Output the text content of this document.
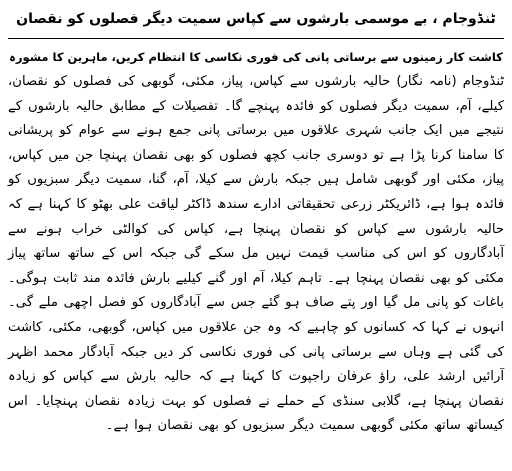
ٹنڈوجام ، بے موسمی بارشوں سے کپاس سمیت دیگر فصلوں کو نقصان
کاشت کار زمینوں سے برساتی پانی کی فوری نکاسی کا انتظام کریں، ماہرین کا مشورہ

ٹنڈوجام (نامہ نگار) حالیہ بارشوں سے کپاس، پیاز، مکئی، گوبھی کی فصلوں کو نقصان، کیلے، آم، سمیت دیگر فصلوں کو فائدہ پہنچے گا۔ تفصیلات کے مطابق حالیہ بارشوں کے نتیجے میں ایک جانب شہری علاقوں میں برساتی پانی جمع ہونے سے عوام کو پریشانی کا سامنا کرنا پڑا ہے تو دوسری جانب کچھ فصلوں کو بھی نقصان پہنچا جن میں کپاس، پیاز، مکئی اور گوبھی شامل ہیں جبکہ بارش سے کیلا، آم، گنا، سمیت دیگر سبزیوں کو فائدہ ہوا ہے، ڈائریکٹر زرعی تحقیقاتی ادارے سندھ ڈاکٹر لیاقت علی بھٹو کا کہنا ہے کہ حالیہ بارشوں سے کپاس کو نقصان پہنچا ہے، کپاس کی کوالٹی خراب ہونے سے آبادگاروں کو اس کی مناسب قیمت نہیں مل سکے گی جبکہ اس کے ساتھ ساتھ پیاز مکئی کو بھی نقصان پہنچا ہے۔ تاہم کیلا، آم اور گنے کیلیے بارش فائدہ مند ثابت ہوگی۔ باغات کو پانی مل گیا اور پتے صاف ہو گئے جس سے آبادگاروں کو فصل اچھی ملے گی۔ انہوں نے کہا کہ کسانوں کو چاہیے کہ وہ جن علاقوں میں کپاس، گوبھی، مکئی، کاشت کی گئی ہے وہاں سے برساتی پانی کی فوری نکاسی کر دیں جبکہ آبادگار محمد اظہر آرائیں ارشد علی، راؤ عرفان راجپوت کا کہنا ہے کہ حالیہ بارش سے کپاس کو زیادہ نقصان پہنچا ہے، گلابی سنڈی کے حملے نے فصلوں کو بہت زیادہ نقصان پہنچایا۔ اس کیساتھ ساتھ مکئی گوبھی سمیت دیگر سبزیوں کو بھی نقصان ہوا ہے۔
